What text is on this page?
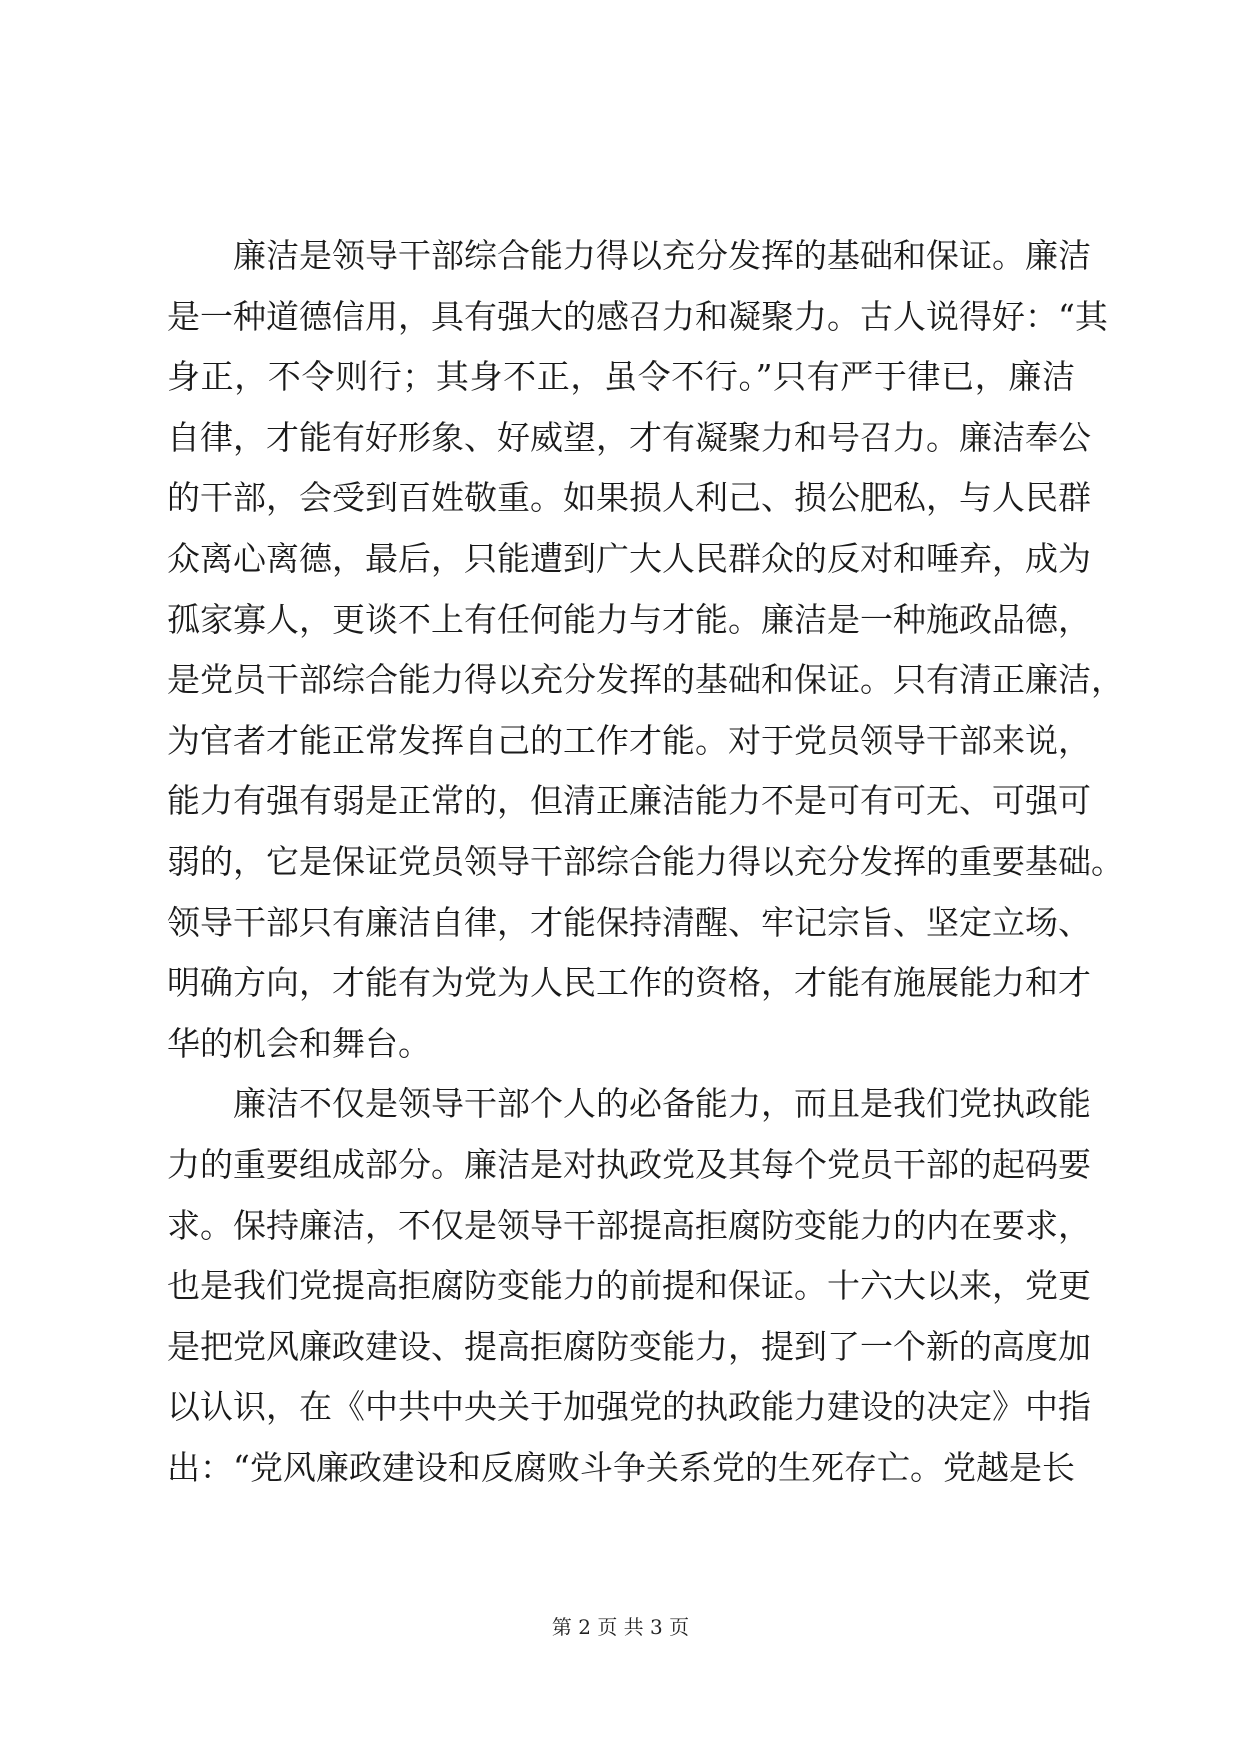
廉洁是领导干部综合能力得以充分发挥的基础和保证。廉洁
是一种道德信用，具有强大的感召力和凝聚力。古人说得好：“其
身正，不令则行；其身不正，虽令不行。”只有严于律已，廉洁
自律，才能有好形象、好威望，才有凝聚力和号召力。廉洁奉公
的干部，会受到百姓敬重。如果损人利己、损公肥私，与人民群
众离心离德，最后，只能遭到广大人民群众的反对和唾弃，成为
孤家寡人，更谈不上有任何能力与才能。廉洁是一种施政品德，
是党员干部综合能力得以充分发挥的基础和保证。只有清正廉洁，
为官者才能正常发挥自己的工作才能。对于党员领导干部来说，
能力有强有弱是正常的，但清正廉洁能力不是可有可无、可强可
弱的，它是保证党员领导干部综合能力得以充分发挥的重要基础。
领导干部只有廉洁自律，才能保持清醒、牢记宗旨、坚定立场、
明确方向，才能有为党为人民工作的资格，才能有施展能力和才
华的机会和舞台。
廉洁不仅是领导干部个人的必备能力，而且是我们党执政能
力的重要组成部分。廉洁是对执政党及其每个党员干部的起码要
求。保持廉洁，不仅是领导干部提高拒腐防变能力的内在要求，
也是我们党提高拒腐防变能力的前提和保证。十六大以来，党更
是把党风廉政建设、提高拒腐防变能力，提到了一个新的高度加
以认识，在《中共中央关于加强党的执政能力建设的决定》中指
出：“党风廉政建设和反腐败斗争关系党的生死存亡。党越是长
第 2 页 共 3 页
